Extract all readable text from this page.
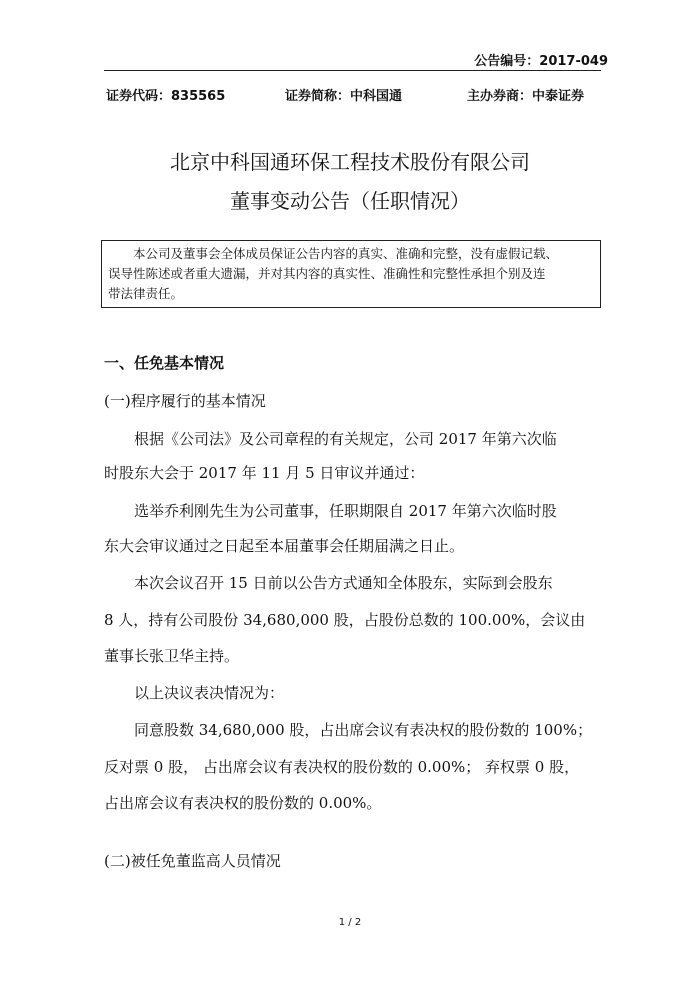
公告编号：2017-049
证券代码：835565	证券简称：中科国通	主办券商：中泰证券
北京中科国通环保工程技术股份有限公司
董事变动公告（任职情况）

本公司及董事会全体成员保证公告内容的真实、准确和完整，没有虚假记载、

误导性陈述或者重大遗漏，并对其内容的真实性、准确性和完整性承担个别及连

带法律责任。

一、任免基本情况
(一)程序履行的基本情况
根据《公司法》及公司章程的有关规定，公司 2017 年第六次临
时股东大会于 2017 年 11 月 5 日审议并通过：
选举乔利刚先生为公司董事，任职期限自 2017 年第六次临时股
东大会审议通过之日起至本届董事会任期届满之日止。
本次会议召开 15 日前以公告方式通知全体股东，实际到会股东
8 人，持有公司股份 34,680,000 股，占股份总数的 100.00%，会议由
董事长张卫华主持。
以上决议表决情况为：
同意股数 34,680,000 股，占出席会议有表决权的股份数的 100%；
反对票 0 股， 占出席会议有表决权的股份数的 0.00%； 弃权票 0 股，
占出席会议有表决权的股份数的 0.00%。
(二)被任免董监高人员情况
1 / 2
